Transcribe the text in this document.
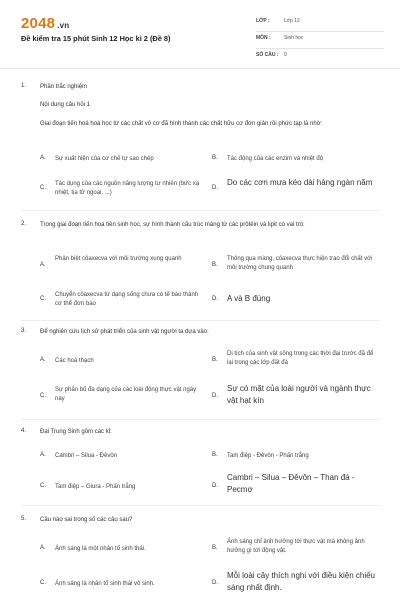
2048 .vn
Đề kiểm tra 15 phút Sinh 12 Học kì 2 (Đề 8)
LỚP :	Lớp 12
MÔN :	Sinh học
SỐ CÂU : 9
1. Phần trắc nghiệm
Nội dung câu hỏi 1
Giai đoạn tiến hoá hoá học từ các chất vô cơ đã hình thành các chất hữu cơ đơn giản rồi phức tạp là nhờ:
A. Sự xuất hiện của cơ chế tự sao chép	B. Tác động của các enzim và nhiệt độ
C.
Tác dụng của các nguồn năng lượng tự nhiên (bức xạ nhiệt, tia tử ngoại, ...)
D.
Do các cơn mưa kéo dài hàng ngàn năm
2. Trong giai đoạn tiến hoá tiền sinh học, sự hình thành cấu trúc màng từ các prôtêin và lipit có vai trò:
A.
Phân biệt côaxecva với môi trường xung quanh
B.
Thông qua màng, côaxecva thực hiện trao đổi chất với môi trường chung quanh
C.
Chuyển côaxecva từ dạng sống chưa có tế bào thành cơ thể đơn bào
D. A và B đúng
3. Để nghiên cứu lịch sử phát triển của sinh vật người ta dựa vào:
A. Các hoá thạch	B.
Di tích của sinh vật sống trong các thời đại trước đã để lại trong các lớp đất đá
C.
Sự phân bố đa dạng của các loài động thực vật ngày nay	D.
Sự có mặt của loài người và ngành thực vật hạt kín
4. Đại Trung Sinh gồm các kỉ:
A. Cambri – Silua - Đêvôn	B. Tam điệp - Đêvôn - Phấn trắng
C. Tam điệp – Giura - Phấn trắng	D.
Cambri – Silua – Đêvôn – Than đá - Pecmơ
5. Câu nào sai trong số các câu sau?
A. Ánh sáng là một nhân tố sinh thái.	B.
Ánh sáng chỉ ảnh hưởng tới thực vật mà không ảnh hưởng gì tới động vật.
C. Ánh sáng là nhân tố sinh thái vô sinh.	D.
Mỗi loài cây thích nghi với điều kiện chiếu sáng nhất định.
